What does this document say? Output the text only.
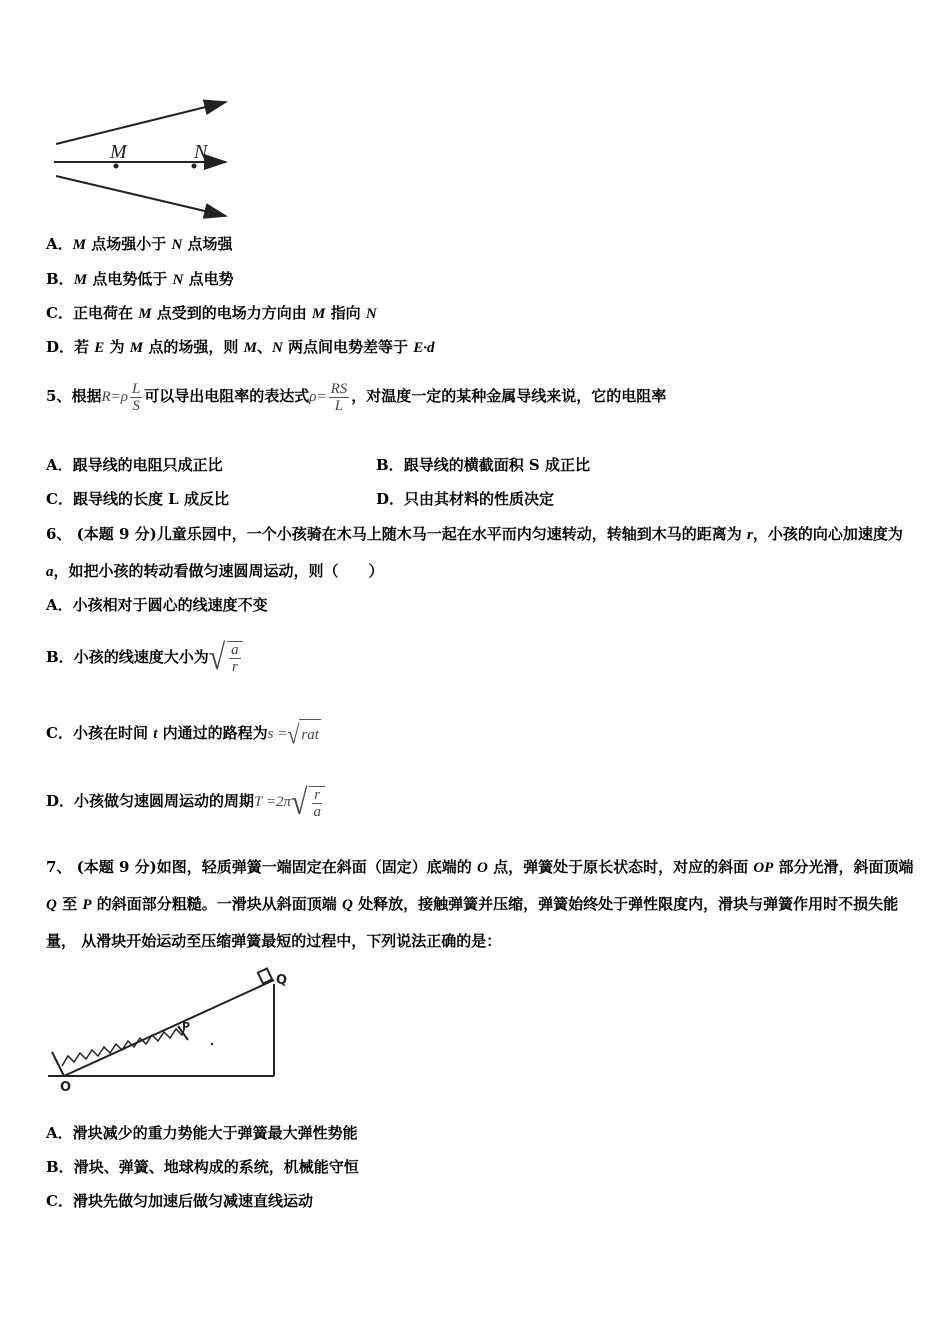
M	N
A．M 点场强小于 N 点场强
B．M 点电势低于 N 点电势
C．正电荷在 M 点受到的电场力方向由 M 指向 N
D．若 E 为 M 点的场强，则 M、N 两点间电势差等于 E·d
5、根据$R=\rho \frac{L}{S}$ 可以导出电阻率的表达式$\rho= \frac{RS}{L}$ ，对温度一定的某种金属导线来说，它的电阻率
A．跟导线的电阻只成正比	B．跟导线的横截面积 S 成正比
C．跟导线的长度 L 成反比	D．只由其材料的性质决定
6、 (本题 9 分)儿童乐园中，一个小孩骑在木马上随木马一起在水平而内匀速转动，转轴到木马的距离为 r，小孩的向心加速度为 a，如把小孩的转动看做匀速圆周运动，则（　　）
A．小孩相对于圆心的线速度不变
B．小孩的线速度大小为 √ $\frac{a}{r}$
C．小孩在时间 t 内通过的路程为s = √ rat
D．小孩做匀速圆周运动的周期T =2π √ $\frac{r}{a}$
7、 (本题 9 分)如图，轻质弹簧一端固定在斜面（固定）底端的 O 点，弹簧处于原长状态时，对应的斜面 OP 部分光滑，斜面顶端 Q 至 P 的斜面部分粗糙。一滑块从斜面顶端 Q 处释放，接触弹簧并压缩，弹簧始终处于弹性限度内，滑块与弹簧作用时不损失能量， 从滑块开始运动至压缩弹簧最短的过程中，下列说法正确的是：
O
P
Q
A．滑块减少的重力势能大于弹簧最大弹性势能
B．滑块、弹簧、地球构成的系统，机械能守恒
C．滑块先做匀加速后做匀减速直线运动
